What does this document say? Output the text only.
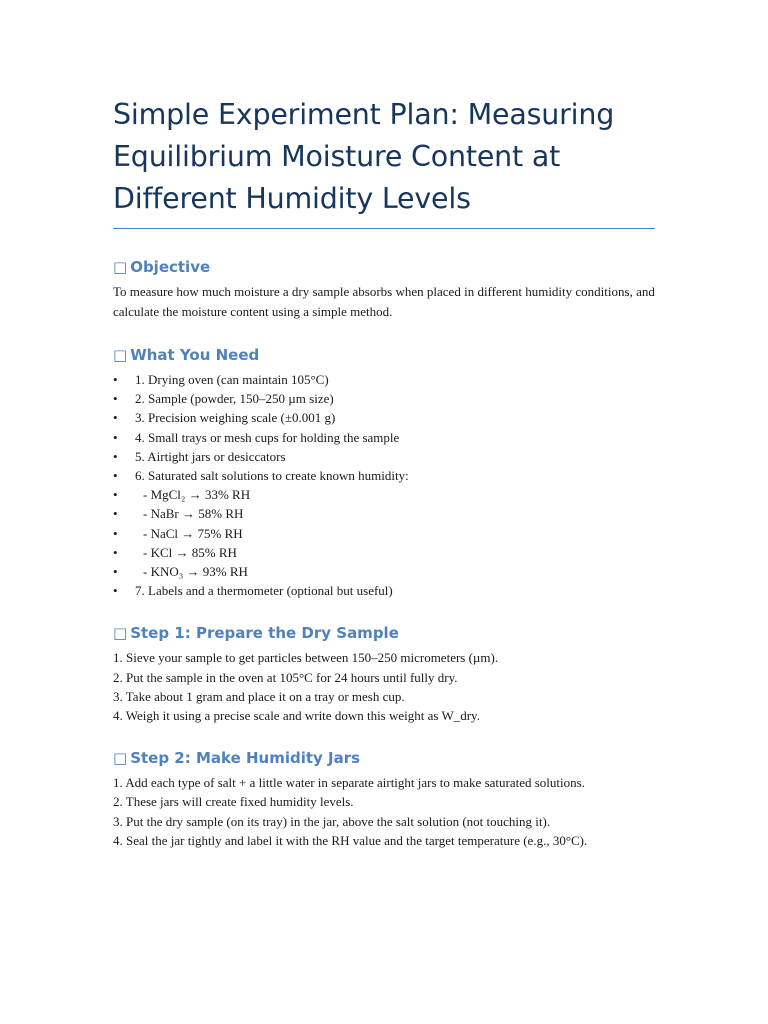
Simple Experiment Plan: Measuring Equilibrium Moisture Content at Different Humidity Levels
□ Objective

To measure how much moisture a dry sample absorbs when placed in different humidity conditions, and calculate the moisture content using a simple method.

□ What You Need
• 1. Drying oven (can maintain 105°C)
• 2. Sample (powder, 150–250 µm size)
• 3. Precision weighing scale (±0.001 g)
• 4. Small trays or mesh cups for holding the sample
• 5. Airtight jars or desiccators
• 6. Saturated salt solutions to create known humidity:
• - MgCl₂ → 33% RH
• - NaBr → 58% RH
• - NaCl → 75% RH
• - KCl → 85% RH
• - KNO₃ → 93% RH
• 7. Labels and a thermometer (optional but useful)
□ Step 1: Prepare the Dry Sample
1. Sieve your sample to get particles between 150–250 micrometers (µm).
2. Put the sample in the oven at 105°C for 24 hours until fully dry.
3. Take about 1 gram and place it on a tray or mesh cup.
4. Weigh it using a precise scale and write down this weight as W_dry.
□ Step 2: Make Humidity Jars
1. Add each type of salt + a little water in separate airtight jars to make saturated solutions.
2. These jars will create fixed humidity levels.
3. Put the dry sample (on its tray) in the jar, above the salt solution (not touching it).
4. Seal the jar tightly and label it with the RH value and the target temperature (e.g., 30°C).
